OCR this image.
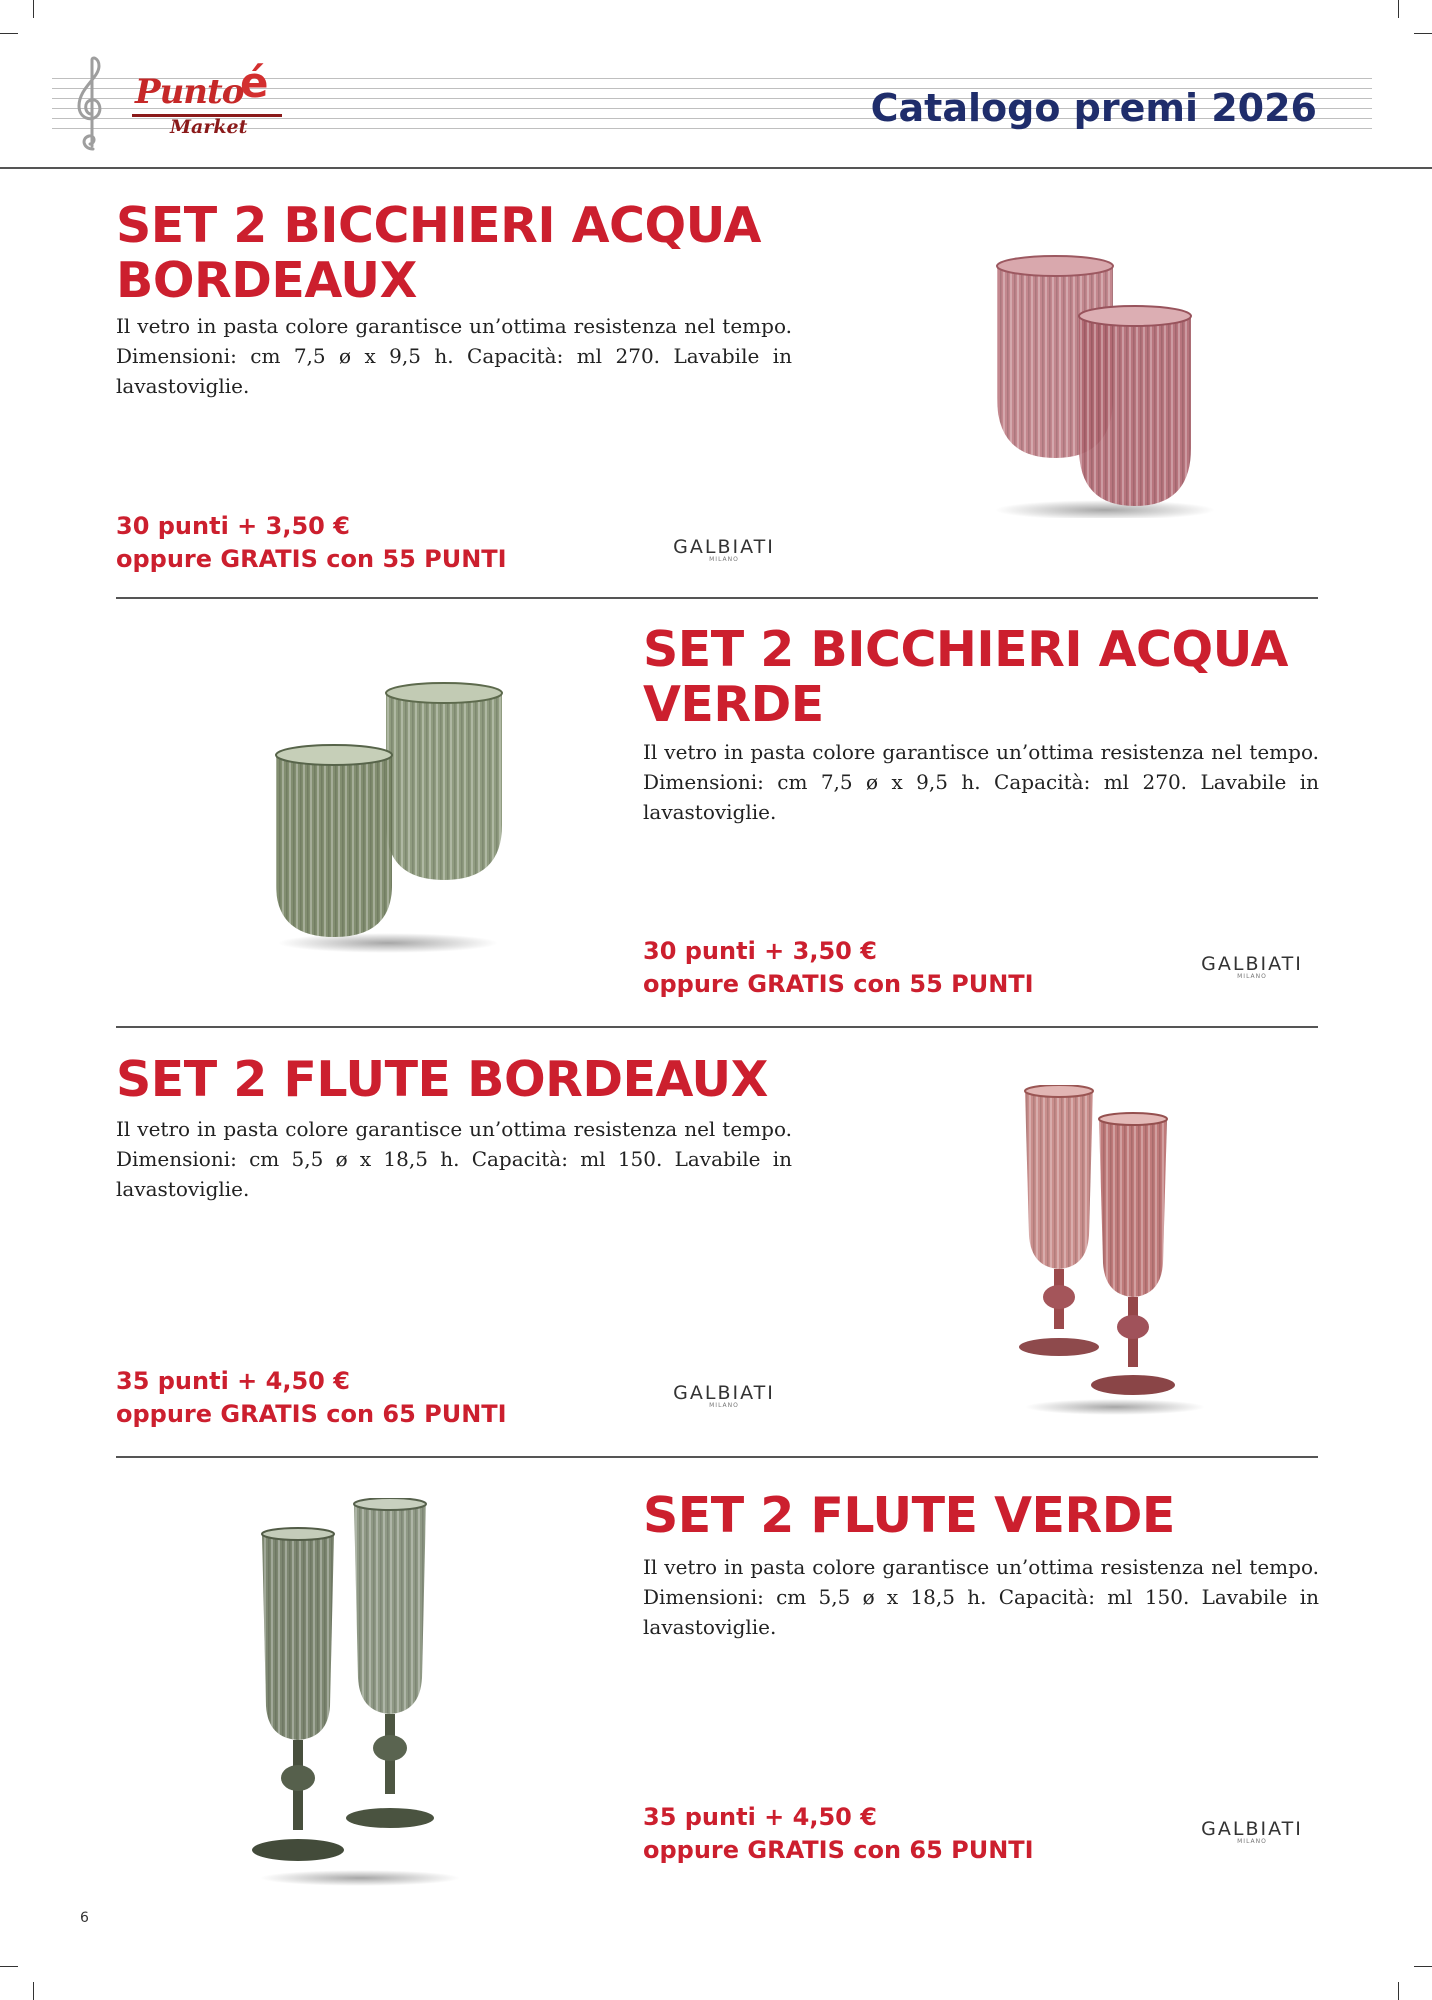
Punto
é
Market	Catalogo premi 2026
SET 2 BICCHIERI ACQUA
BORDEAUX
Il vetro in pasta colore garantisce un’ottima resistenza nel tempo. Dimensioni: cm 7,5 ø x 9,5 h. Capacità: ml 270. Lavabile in lavastoviglie.
30 punti + 3,50 €
oppure GRATIS con 55 PUNTI	GALBIATI
MILANO
SET 2 BICCHIERI ACQUA
VERDE
Il vetro in pasta colore garantisce un’ottima resistenza nel tempo. Dimensioni: cm 7,5 ø x 9,5 h. Capacità: ml 270. Lavabile in lavastoviglie.
30 punti + 3,50 €
oppure GRATIS con 55 PUNTI
GALBIATI
MILANO
SET 2 FLUTE BORDEAUX
Il vetro in pasta colore garantisce un’ottima resistenza nel tempo. Dimensioni: cm 5,5 ø x 18,5 h. Capacità: ml 150. Lavabile in lavastoviglie.
35 punti + 4,50 €
oppure GRATIS con 65 PUNTI
GALBIATI
MILANO
SET 2 FLUTE VERDE
Il vetro in pasta colore garantisce un’ottima resistenza nel tempo. Dimensioni: cm 5,5 ø x 18,5 h. Capacità: ml 150. Lavabile in lavastoviglie.
35 punti + 4,50 €
oppure GRATIS con 65 PUNTI
GALBIATI
MILANO
6
